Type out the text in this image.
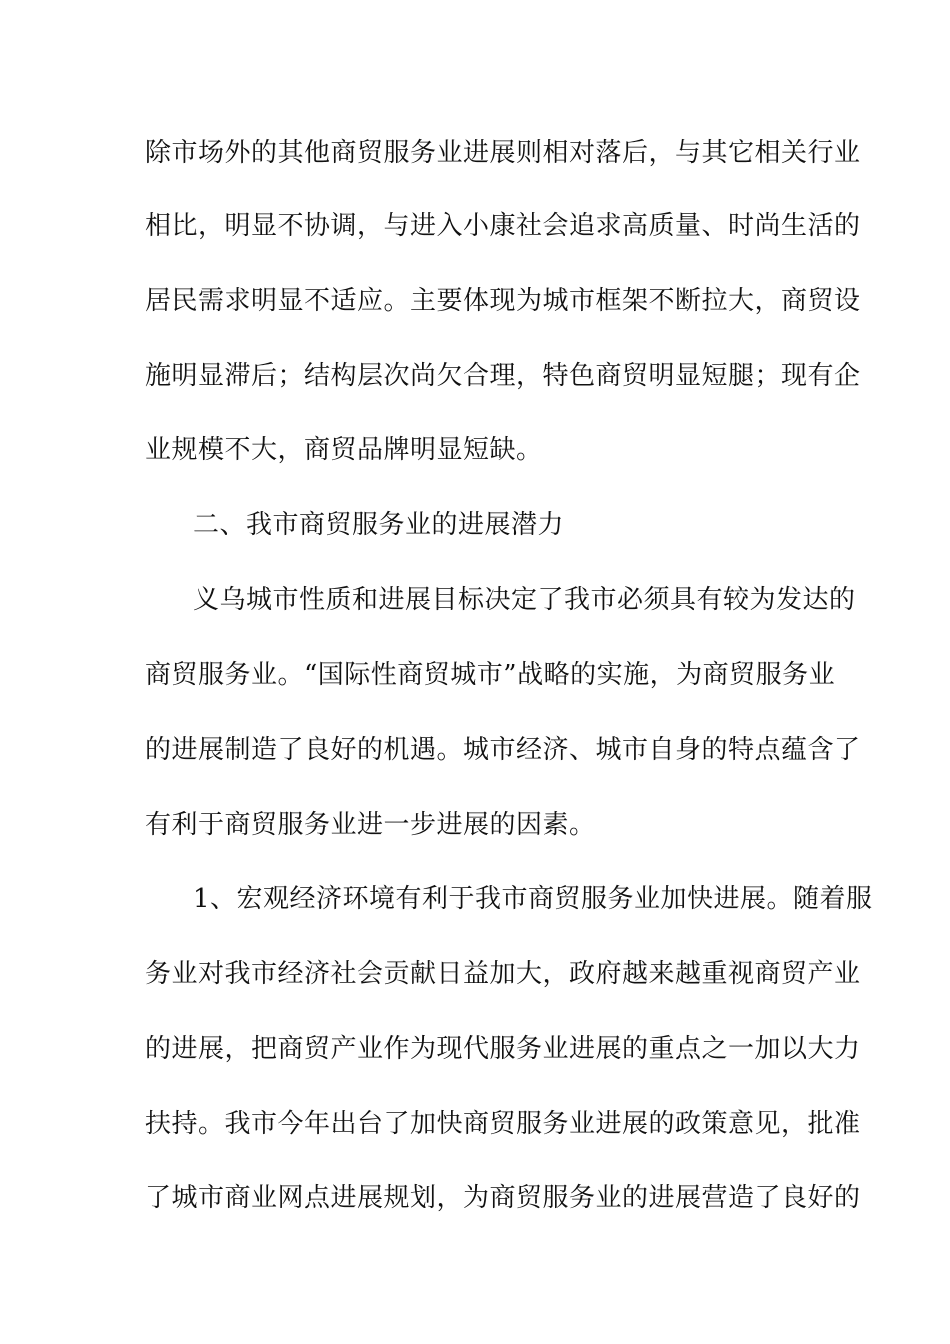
除市场外的其他商贸服务业进展则相对落后，与其它相关行业
相比，明显不协调，与进入小康社会追求高质量、时尚生活的
居民需求明显不适应。主要体现为城市框架不断拉大，商贸设
施明显滞后；结构层次尚欠合理，特色商贸明显短腿；现有企
业规模不大，商贸品牌明显短缺。
二、我市商贸服务业的进展潜力
义乌城市性质和进展目标决定了我市必须具有较为发达的
商贸服务业。“国际性商贸城市”战略的实施，为商贸服务业
的进展制造了良好的机遇。城市经济、城市自身的特点蕴含了
有利于商贸服务业进一步进展的因素。
1、宏观经济环境有利于我市商贸服务业加快进展。随着服
务业对我市经济社会贡献日益加大，政府越来越重视商贸产业
的进展，把商贸产业作为现代服务业进展的重点之一加以大力
扶持。我市今年出台了加快商贸服务业进展的政策意见，批准
了城市商业网点进展规划，为商贸服务业的进展营造了良好的
